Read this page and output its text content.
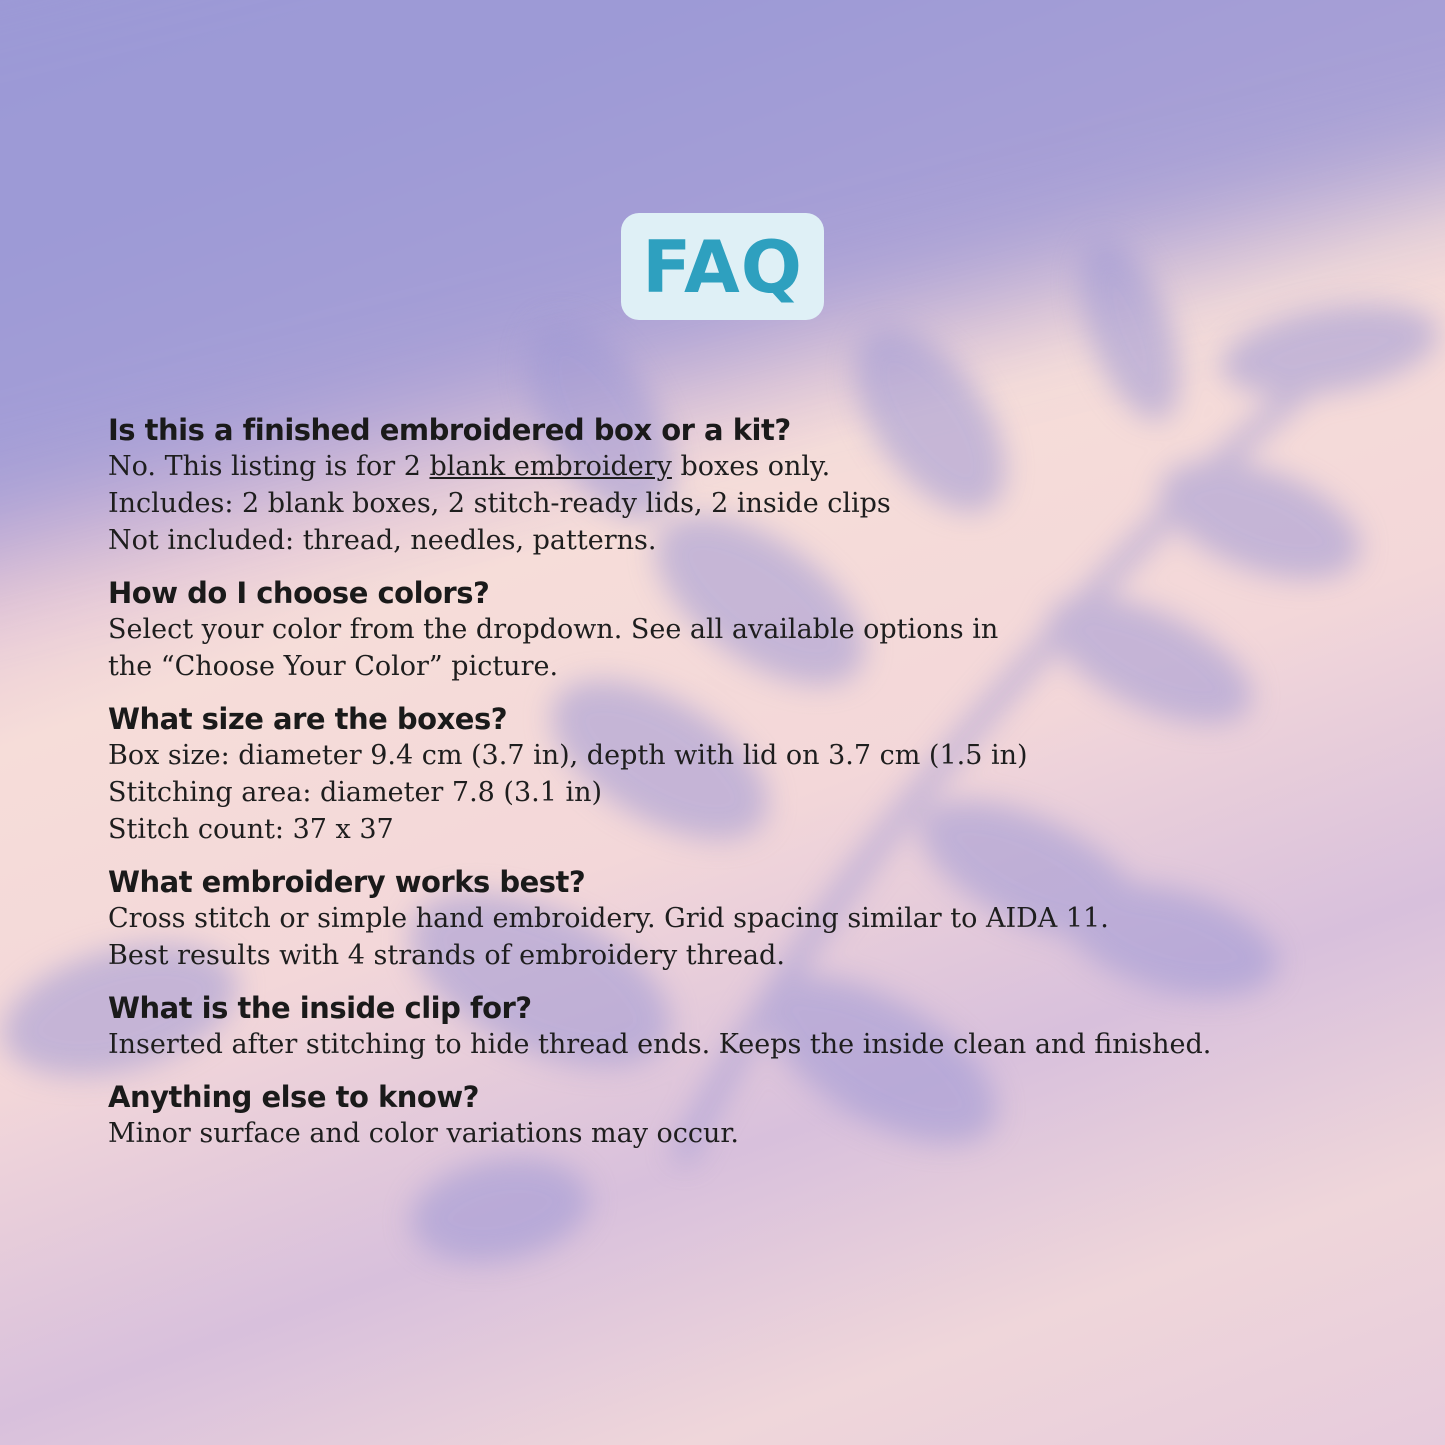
FAQ

Is this a finished embroidered box or a kit?

No. This listing is for 2 blank embroidery boxes only.
Includes: 2 blank boxes, 2 stitch-ready lids, 2 inside clips
Not included: thread, needles, patterns.

How do I choose colors?

Select your color from the dropdown. See all available options in
the “Choose Your Color” picture.

What size are the boxes?

Box size: diameter 9.4 cm (3.7 in), depth with lid on 3.7 cm (1.5 in)
Stitching area: diameter 7.8 (3.1 in)
Stitch count: 37 x 37

What embroidery works best?

Cross stitch or simple hand embroidery. Grid spacing similar to AIDA 11.
Best results with 4 strands of embroidery thread.

What is the inside clip for?

Inserted after stitching to hide thread ends. Keeps the inside clean and finished.

Anything else to know?

Minor surface and color variations may occur.
